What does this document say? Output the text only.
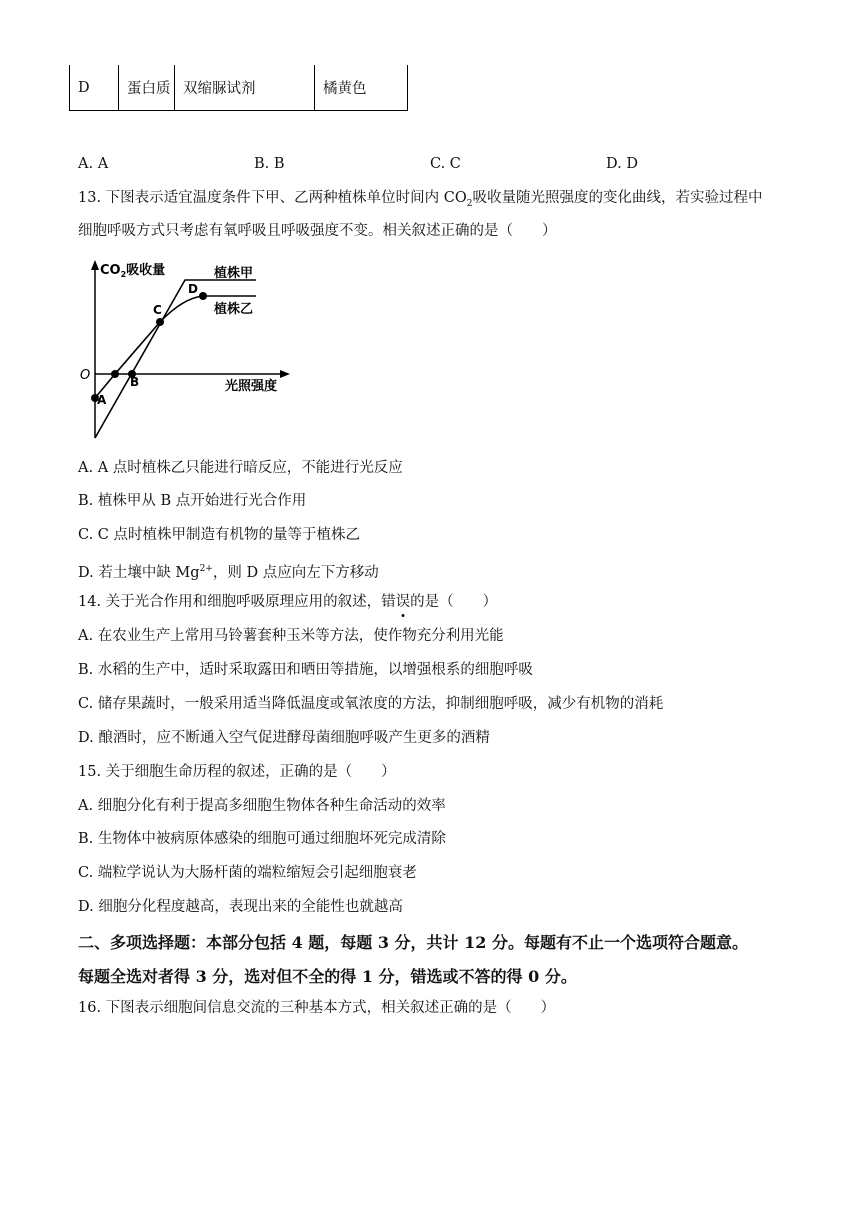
D	蛋白质	双缩脲试剂	橘黄色
A. A	B. B	C. C	D. D
13. 下图表示适宜温度条件下甲、乙两种植株单位时间内 $CO_2$吸收量随光照强度的变化曲线，若实验过程中
细胞呼吸方式只考虑有氧呼吸且呼吸强度不变。相关叙述正确的是（　　）
$CO_2$吸收量	植株甲
植株乙
光照强度
O
A
B
C
D
A. A 点时植株乙只能进行暗反应，不能进行光反应
B. 植株甲从 B 点开始进行光合作用
C. C 点时植株甲制造有机物的量等于植株乙
D. 若土壤中缺 $Mg^{2+}$，则 D 点应向左下方移动
14. 关于光合作用和细胞呼吸原理应用的叙述，错误的是（　　）
A. 在农业生产上常用马铃薯套种玉米等方法，使作物充分利用光能
B. 水稻的生产中，适时采取露田和晒田等措施，以增强根系的细胞呼吸
C. 储存果蔬时，一般采用适当降低温度或氧浓度的方法，抑制细胞呼吸，减少有机物的消耗
D. 酿酒时，应不断通入空气促进酵母菌细胞呼吸产生更多的酒精
15. 关于细胞生命历程的叙述，正确的是（　　）
A. 细胞分化有利于提高多细胞生物体各种生命活动的效率
B. 生物体中被病原体感染的细胞可通过细胞坏死完成清除
C. 端粒学说认为大肠杆菌的端粒缩短会引起细胞衰老
D. 细胞分化程度越高，表现出来的全能性也就越高
二、多项选择题：本部分包括 4 题，每题 3 分，共计 12 分。每题有不止一个选项符合题意。
每题全选对者得 3 分，选对但不全的得 1 分，错选或不答的得 0 分。
16. 下图表示细胞间信息交流的三种基本方式，相关叙述正确的是（　　）
